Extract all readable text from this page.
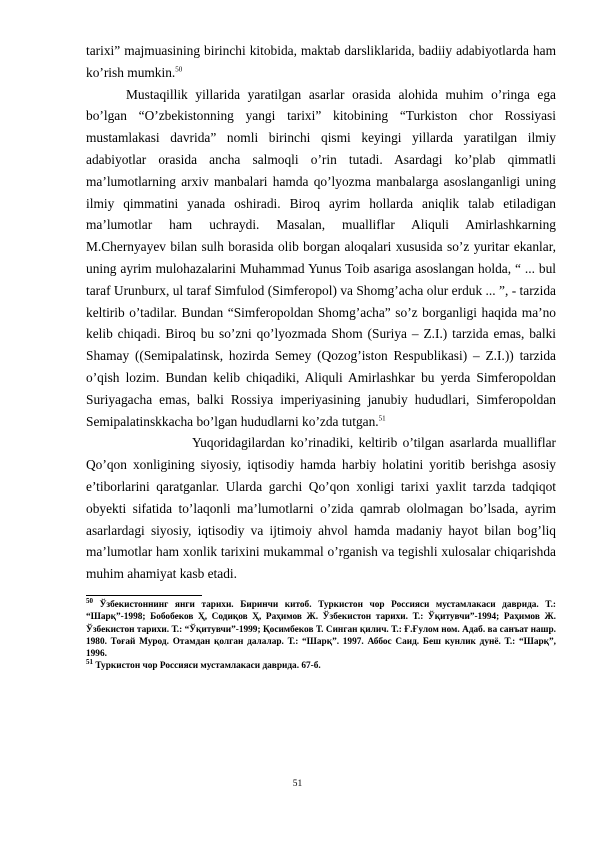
tarixi” majmuasining birinchi kitobida, maktab darsliklarida, badiiy adabiyotlarda ham ko’rish mumkin.$^{50}$

Mustaqillik yillarida yaratilgan asarlar orasida alohida muhim o’ringa ega bo’lgan “O’zbekistonning yangi tarixi” kitobining “Turkiston chor Rossiyasi mustamlakasi davrida” nomli birinchi qismi keyingi yillarda yaratilgan ilmiy adabiyotlar orasida ancha salmoqli o’rin tutadi. Asardagi ko’plab qimmatli ma’lumotlarning arxiv manbalari hamda qo’lyozma manbalarga asoslanganligi uning ilmiy qimmatini yanada oshiradi. Biroq ayrim hollarda aniqlik talab etiladigan ma’lumotlar ham uchraydi. Masalan, mualliflar Aliquli Amirlashkarning M.Chernyayev bilan sulh borasida olib borgan aloqalari xususida so’z yuritar ekanlar, uning ayrim mulohazalarini Muhammad Yunus Toib asariga asoslangan holda, “ ... bul taraf Urunburx, ul taraf Simfulod (Simferopol) va Shomg’acha olur erduk ... ”, - tarzida keltirib o’tadilar. Bundan “Simferopoldan Shomg’acha” so’z borganligi haqida ma’no kelib chiqadi. Biroq bu so’zni qo’lyozmada Shom (Suriya – Z.I.) tarzida emas, balki Shamay ((Semipalatinsk, hozirda Semey (Qozog’iston Respublikasi) – Z.I.)) tarzida o’qish lozim. Bundan kelib chiqadiki, Aliquli Amirlashkar bu yerda Simferopoldan Suriyagacha emas, balki Rossiya imperiyasining janubiy hududlari, Simferopoldan Semipalatinskkacha bo’lgan hududlarni ko’zda tutgan.$^{51}$

Yuqoridagilardan ko’rinadiki, keltirib o’tilgan asarlarda mualliflar Qo’qon xonligining siyosiy, iqtisodiy hamda harbiy holatini yoritib berishga asosiy e’tiborlarini qaratganlar. Ularda garchi Qo’qon xonligi tarixi yaxlit tarzda tadqiqot obyekti sifatida to’laqonli ma’lumotlarni o’zida qamrab ololmagan bo’lsada, ayrim asarlardagi siyosiy, iqtisodiy va ijtimoiy ahvol hamda madaniy hayot bilan bog’liq ma’lumotlar ham xonlik tarixini mukammal o’rganish va tegishli xulosalar chiqarishda muhim ahamiyat kasb etadi.

$^{50}$ Ўзбекистоннинг янги тарихи. Биринчи китоб. Туркистон чор Россияси мустамлакаси даврида. Т.: “Шарқ”-1998; Бобобеков Ҳ, Содиқов Ҳ, Раҳимов Ж. Ўзбекистон тарихи. Т.: Ўқитувчи”-1994; Раҳимов Ж. Ўзбекистон тарихи. Т.: “Ўқитувчи”-1999; Қосимбеков Т. Синган қилич. Т.: Ғ.Ғулом ном. Адаб. ва санъат нашр. 1980. Тоғай Мурод. Отамдан қолган далалар. Т.: “Шарқ”. 1997. Аббос Саид. Беш кунлик дунё. Т.: “Шарқ”, 1996.

$^{51}$ Туркистон чор Россияси мустамлакаси даврида. 67-б.

51
